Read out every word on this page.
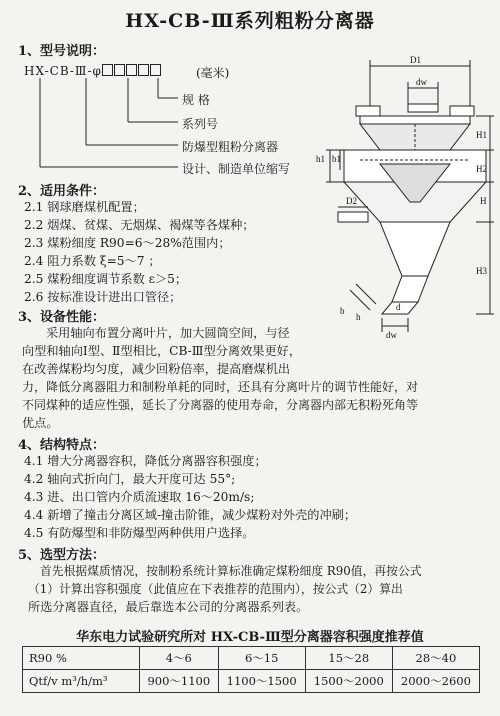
HX-CB-Ⅲ系列粗粉分离器
1、型号说明：
HX-CB-Ⅲ-φ	(毫米)
规 格
系列号
防爆型粗粉分离器
设计、制造单位缩写
2、适用条件：
2.1 钢球磨煤机配置；
2.2 烟煤、贫煤、无烟煤、褐煤等各煤种；
2.3 煤粉细度 R90=6～28%范围内；
2.4 阻力系数 ξ=5～7 ；
2.5 煤粉细度调节系数 ε＞5；
2.6 按标准设计进出口管径；
3、设备性能：
采用轴向布置分离叶片，加大圆筒空间，与径
向型和轴向Ⅰ型、Ⅱ型相比，CB-Ⅲ型分离效果更好，
在改善煤粉均匀度，减少回粉倍率，提高磨煤机出
力，降低分离器阻力和制粉单耗的同时，还具有分离叶片的调节性能好，对
不同煤种的适应性强，延长了分离器的使用寿命，分离器内部无积粉死角等
优点。
4、结构特点：
4.1 增大分离器容积，降低分离器容积强度；
4.2 轴向式折向门，最大开度可达 55°;
4.3 进、出口管内介质流速取 16～20m/s;
4.4 新增了撞击分离区域-撞击阶锥，减少煤粉对外壳的冲刷；
4.5 有防爆型和非防爆型两种供用户选择。
5、选型方法：
首先根据煤质情况，按制粉系统计算标准确定煤粉细度 R90值，再按公式
（1）计算出容积强度（此值应在下表推荐的范围内），按公式（2）算出
所选分离器直径，最后靠选本公司的分离器系列表。
D1
dw
H1
H2
H
H3
h1 b1
D2
dw
b
h
d
华东电力试验研究所对 HX-CB-Ⅲ型分离器容积强度推荐值
R90 %	4～6	6～15	15～28	28～40
Qtf/v m³/h/m³	900～1100	1100～1500	1500～2000	2000～2600
